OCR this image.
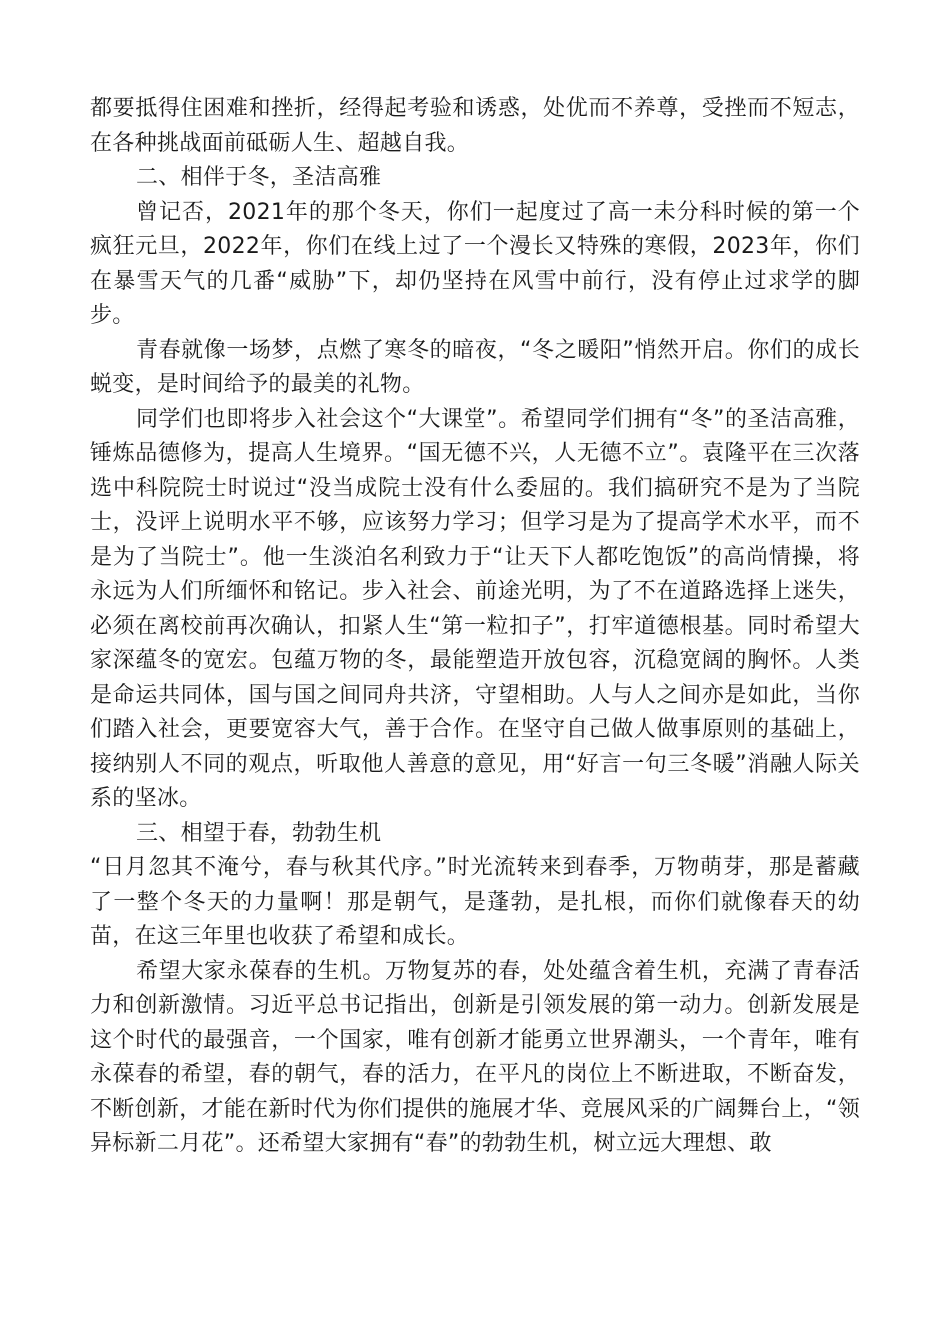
都要抵得住困难和挫折，经得起考验和诱惑，处优而不养尊，受挫而不短志，在各种挑战面前砥砺人生、超越自我。

二、相伴于冬，圣洁高雅

曾记否，2021年的那个冬天，你们一起度过了高一未分科时候的第一个疯狂元旦，2022年，你们在线上过了一个漫长又特殊的寒假，2023年，你们在暴雪天气的几番“威胁”下，却仍坚持在风雪中前行，没有停止过求学的脚步。

青春就像一场梦，点燃了寒冬的暗夜，“冬之暖阳”悄然开启。你们的成长蜕变，是时间给予的最美的礼物。

同学们也即将步入社会这个“大课堂”。希望同学们拥有“冬”的圣洁高雅，锤炼品德修为，提高人生境界。“国无德不兴，人无德不立”。袁隆平在三次落选中科院院士时说过“没当成院士没有什么委屈的。我们搞研究不是为了当院士，没评上说明水平不够，应该努力学习；但学习是为了提高学术水平，而不是为了当院士”。他一生淡泊名利致力于“让天下人都吃饱饭”的高尚情操，将永远为人们所缅怀和铭记。步入社会、前途光明，为了不在道路选择上迷失，必须在离校前再次确认，扣紧人生“第一粒扣子”，打牢道德根基。同时希望大家深蕴冬的宽宏。包蕴万物的冬，最能塑造开放包容，沉稳宽阔的胸怀。人类是命运共同体，国与国之间同舟共济，守望相助。人与人之间亦是如此，当你们踏入社会，更要宽容大气，善于合作。在坚守自己做人做事原则的基础上，接纳别人不同的观点，听取他人善意的意见，用“好言一句三冬暖”消融人际关系的坚冰。

三、相望于春，勃勃生机

“日月忽其不淹兮，春与秋其代序。”时光流转来到春季，万物萌芽，那是蓄藏了一整个冬天的力量啊！那是朝气，是蓬勃，是扎根，而你们就像春天的幼苗，在这三年里也收获了希望和成长。

希望大家永葆春的生机。万物复苏的春，处处蕴含着生机，充满了青春活力和创新激情。习近平总书记指出，创新是引领发展的第一动力。创新发展是这个时代的最强音，一个国家，唯有创新才能勇立世界潮头，一个青年，唯有永葆春的希望，春的朝气，春的活力，在平凡的岗位上不断进取，不断奋发，不断创新，才能在新时代为你们提供的施展才华、竞展风采的广阔舞台上，“领异标新二月花”。还希望大家拥有“春”的勃勃生机，树立远大理想、敢
